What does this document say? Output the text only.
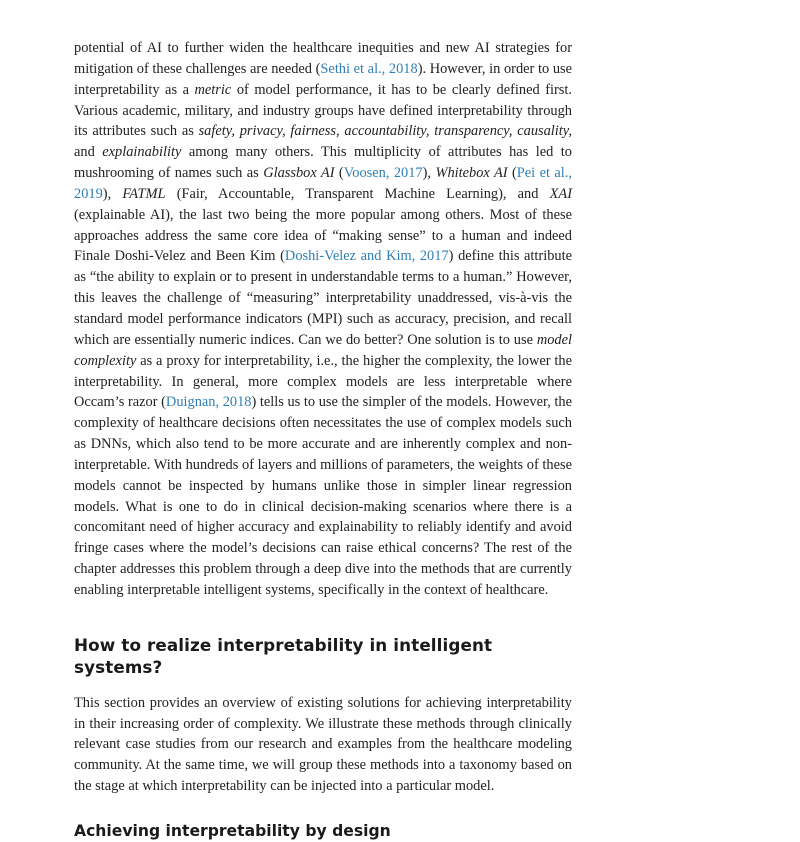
potential of AI to further widen the healthcare inequities and new AI strategies for mitigation of these challenges are needed (Sethi et al., 2018). However, in order to use interpretability as a metric of model performance, it has to be clearly defined first. Various academic, military, and industry groups have defined interpretability through its attributes such as safety, privacy, fairness, accountability, transparency, causality, and explainability among many others. This multiplicity of attributes has led to mushrooming of names such as Glassbox AI (Voosen, 2017), Whitebox AI (Pei et al., 2019), FATML (Fair, Accountable, Transparent Machine Learning), and XAI (explainable AI), the last two being the more popular among others. Most of these approaches address the same core idea of “making sense” to a human and indeed Finale Doshi-Velez and Been Kim (Doshi-Velez and Kim, 2017) define this attribute as “the ability to explain or to present in understandable terms to a human.” However, this leaves the challenge of “measuring” interpretability unaddressed, vis-à-vis the standard model performance indicators (MPI) such as accuracy, precision, and recall which are essentially numeric indices. Can we do better? One solution is to use model complexity as a proxy for interpretability, i.e., the higher the complexity, the lower the interpretability. In general, more complex models are less interpretable where Occam’s razor (Duignan, 2018) tells us to use the simpler of the models. However, the complexity of healthcare decisions often necessitates the use of complex models such as DNNs, which also tend to be more accurate and are inherently complex and non-interpretable. With hundreds of layers and millions of parameters, the weights of these models cannot be inspected by humans unlike those in simpler linear regression models. What is one to do in clinical decision-making scenarios where there is a concomitant need of higher accuracy and explainability to reliably identify and avoid fringe cases where the model’s decisions can raise ethical concerns? The rest of the chapter addresses this problem through a deep dive into the methods that are currently enabling interpretable intelligent systems, specifically in the context of healthcare.

How to realize interpretability in intelligent systems?

This section provides an overview of existing solutions for achieving interpretability in their increasing order of complexity. We illustrate these methods through clinically relevant case studies from our research and examples from the healthcare modeling community. At the same time, we will group these methods into a taxonomy based on the stage at which interpretability can be injected into a particular model.

Achieving interpretability by design
